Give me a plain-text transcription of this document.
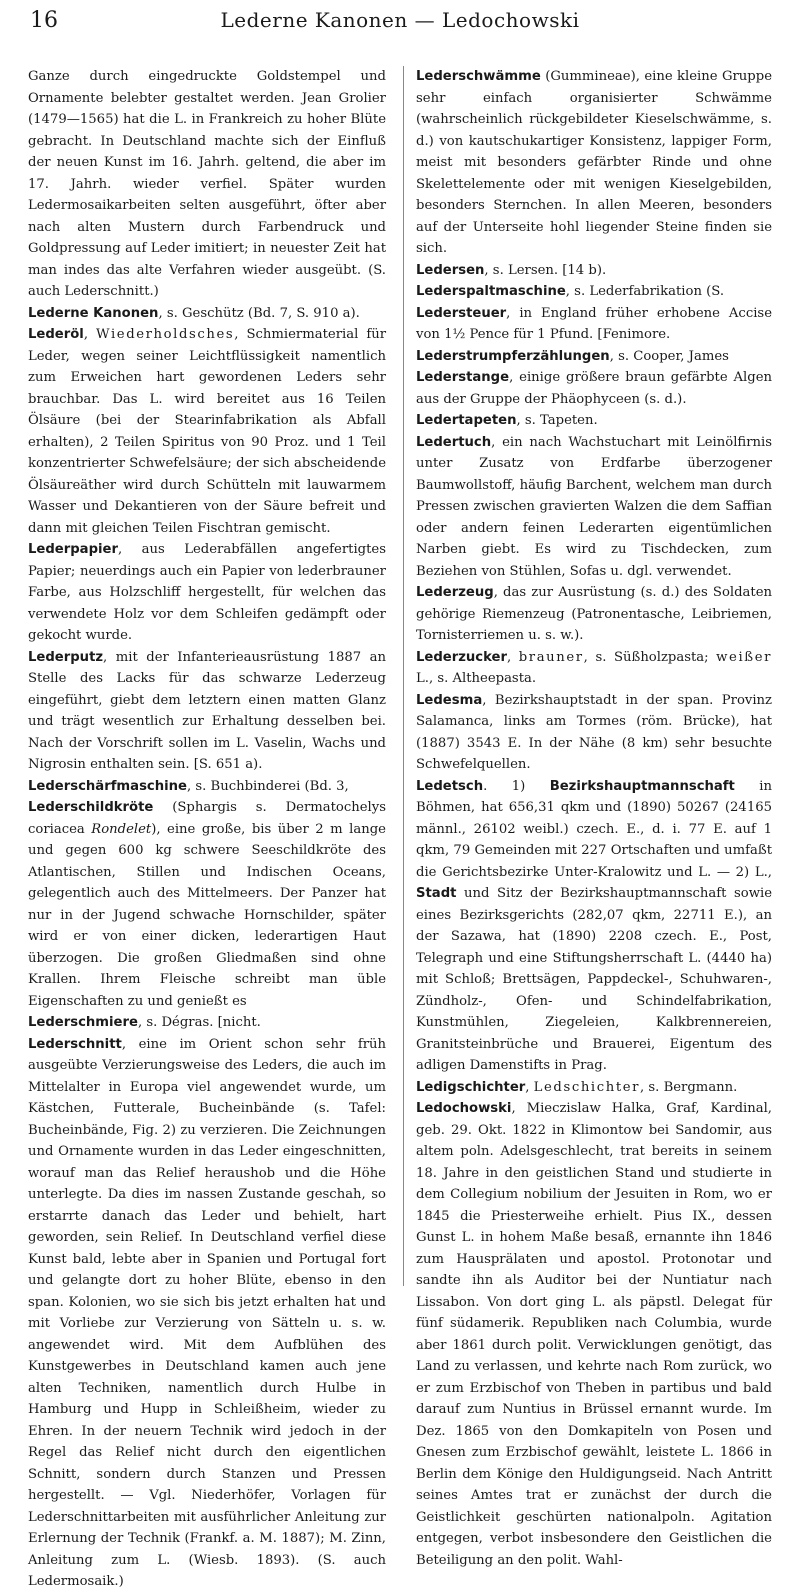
16	Lederne Kanonen — Ledochowski

Ganze durch eingedruckte Goldstempel und Ornamente belebter gestaltet werden. Jean Grolier (1479—1565) hat die L. in Frankreich zu hoher Blüte gebracht. In Deutschland machte sich der Einfluß der neuen Kunst im 16. Jahrh. geltend, die aber im 17. Jahrh. wieder verfiel. Später wurden Ledermosaikarbeiten selten ausgeführt, öfter aber nach alten Mustern durch Farbendruck und Goldpressung auf Leder imitiert; in neuester Zeit hat man indes das alte Verfahren wieder ausgeübt. (S. auch Lederschnitt.)

Lederne Kanonen, s. Geschütz (Bd. 7, S. 910 a).

Lederöl, Wiederholdsches, Schmiermaterial für Leder, wegen seiner Leichtflüssigkeit namentlich zum Erweichen hart gewordenen Leders sehr brauchbar. Das L. wird bereitet aus 16 Teilen Ölsäure (bei der Stearinfabrikation als Abfall erhalten), 2 Teilen Spiritus von 90 Proz. und 1 Teil konzentrierter Schwefelsäure; der sich abscheidende Ölsäureäther wird durch Schütteln mit lauwarmem Wasser und Dekantieren von der Säure befreit und dann mit gleichen Teilen Fischtran gemischt.

Lederpapier, aus Lederabfällen angefertigtes Papier; neuerdings auch ein Papier von lederbrauner Farbe, aus Holzschliff hergestellt, für welchen das verwendete Holz vor dem Schleifen gedämpft oder gekocht wurde.

Lederputz, mit der Infanterieausrüstung 1887 an Stelle des Lacks für das schwarze Lederzeug eingeführt, giebt dem letztern einen matten Glanz und trägt wesentlich zur Erhaltung desselben bei. Nach der Vorschrift sollen im L. Vaselin, Wachs und Nigrosin enthalten sein. [S. 651 a).

Lederschärfmaschine, s. Buchbinderei (Bd. 3,

Lederschildkröte (Sphargis s. Dermatochelys coriacea Rondelet), eine große, bis über 2 m lange und gegen 600 kg schwere Seeschildkröte des Atlantischen, Stillen und Indischen Oceans, gelegentlich auch des Mittelmeers. Der Panzer hat nur in der Jugend schwache Hornschilder, später wird er von einer dicken, lederartigen Haut überzogen. Die großen Gliedmaßen sind ohne Krallen. Ihrem Fleische schreibt man üble Eigenschaften zu und genießt es

Lederschmiere, s. Dégras. [nicht.

Lederschnitt, eine im Orient schon sehr früh ausgeübte Verzierungsweise des Leders, die auch im Mittelalter in Europa viel angewendet wurde, um Kästchen, Futterale, Bucheinbände (s. Tafel: Bucheinbände, Fig. 2) zu verzieren. Die Zeichnungen und Ornamente wurden in das Leder eingeschnitten, worauf man das Relief heraushob und die Höhe unterlegte. Da dies im nassen Zustande geschah, so erstarrte danach das Leder und behielt, hart geworden, sein Relief. In Deutschland verfiel diese Kunst bald, lebte aber in Spanien und Portugal fort und gelangte dort zu hoher Blüte, ebenso in den span. Kolonien, wo sie sich bis jetzt erhalten hat und mit Vorliebe zur Verzierung von Sätteln u. s. w. angewendet wird. Mit dem Aufblühen des Kunstgewerbes in Deutschland kamen auch jene alten Techniken, namentlich durch Hulbe in Hamburg und Hupp in Schleißheim, wieder zu Ehren. In der neuern Technik wird jedoch in der Regel das Relief nicht durch den eigentlichen Schnitt, sondern durch Stanzen und Pressen hergestellt. — Vgl. Niederhöfer, Vorlagen für Lederschnittarbeiten mit ausführlicher Anleitung zur Erlernung der Technik (Frankf. a. M. 1887); M. Zinn, Anleitung zum L. (Wiesb. 1893). (S. auch Ledermosaik.)

Lederschwämme (Gummineae), eine kleine Gruppe sehr einfach organisierter Schwämme (wahrscheinlich rückgebildeter Kieselschwämme, s. d.) von kautschukartiger Konsistenz, lappiger Form, meist mit besonders gefärbter Rinde und ohne Skelettelemente oder mit wenigen Kieselgebilden, besonders Sternchen. In allen Meeren, besonders auf der Unterseite hohl liegender Steine finden sie sich.

Ledersen, s. Lersen. [14 b).

Lederspaltmaschine, s. Lederfabrikation (S.

Ledersteuer, in England früher erhobene Accise von 1½ Pence für 1 Pfund. [Fenimore.

Lederstrumpferzählungen, s. Cooper, James

Lederstange, einige größere braun gefärbte Algen aus der Gruppe der Phäophyceen (s. d.).

Ledertapeten, s. Tapeten.

Ledertuch, ein nach Wachstuchart mit Leinölfirnis unter Zusatz von Erdfarbe überzogener Baumwollstoff, häufig Barchent, welchem man durch Pressen zwischen gravierten Walzen die dem Saffian oder andern feinen Lederarten eigentümlichen Narben giebt. Es wird zu Tischdecken, zum Beziehen von Stühlen, Sofas u. dgl. verwendet.

Lederzeug, das zur Ausrüstung (s. d.) des Soldaten gehörige Riemenzeug (Patronentasche, Leibriemen, Tornisterriemen u. s. w.).

Lederzucker, brauner, s. Süßholzpasta; weißer L., s. Altheepasta.

Ledesma, Bezirkshauptstadt in der span. Provinz Salamanca, links am Tormes (röm. Brücke), hat (1887) 3543 E. In der Nähe (8 km) sehr besuchte Schwefelquellen.

Ledetsch. 1) Bezirkshauptmannschaft in Böhmen, hat 656,31 qkm und (1890) 50267 (24165 männl., 26102 weibl.) czech. E., d. i. 77 E. auf 1 qkm, 79 Gemeinden mit 227 Ortschaften und umfaßt die Gerichtsbezirke Unter-Kralowitz und L. — 2) L., Stadt und Sitz der Bezirkshauptmannschaft sowie eines Bezirksgerichts (282,07 qkm, 22711 E.), an der Sazawa, hat (1890) 2208 czech. E., Post, Telegraph und eine Stiftungsherrschaft L. (4440 ha) mit Schloß; Brettsägen, Pappdeckel-, Schuhwaren-, Zündholz-, Ofen- und Schindelfabrikation, Kunstmühlen, Ziegeleien, Kalkbrennereien, Granitsteinbrüche und Brauerei, Eigentum des adligen Damenstifts in Prag.

Ledigschichter, Ledschichter, s. Bergmann.

Ledochowski, Mieczislaw Halka, Graf, Kardinal, geb. 29. Okt. 1822 in Klimontow bei Sandomir, aus altem poln. Adelsgeschlecht, trat bereits in seinem 18. Jahre in den geistlichen Stand und studierte in dem Collegium nobilium der Jesuiten in Rom, wo er 1845 die Priesterweihe erhielt. Pius IX., dessen Gunst L. in hohem Maße besaß, ernannte ihn 1846 zum Hausprälaten und apostol. Protonotar und sandte ihn als Auditor bei der Nuntiatur nach Lissabon. Von dort ging L. als päpstl. Delegat für fünf südamerik. Republiken nach Columbia, wurde aber 1861 durch polit. Verwicklungen genötigt, das Land zu verlassen, und kehrte nach Rom zurück, wo er zum Erzbischof von Theben in partibus und bald darauf zum Nuntius in Brüssel ernannt wurde. Im Dez. 1865 von den Domkapiteln von Posen und Gnesen zum Erzbischof gewählt, leistete L. 1866 in Berlin dem Könige den Huldigungseid. Nach Antritt seines Amtes trat er zunächst der durch die Geistlichkeit geschürten nationalpoln. Agitation entgegen, verbot insbesondere den Geistlichen die Beteiligung an den polit. Wahl-
